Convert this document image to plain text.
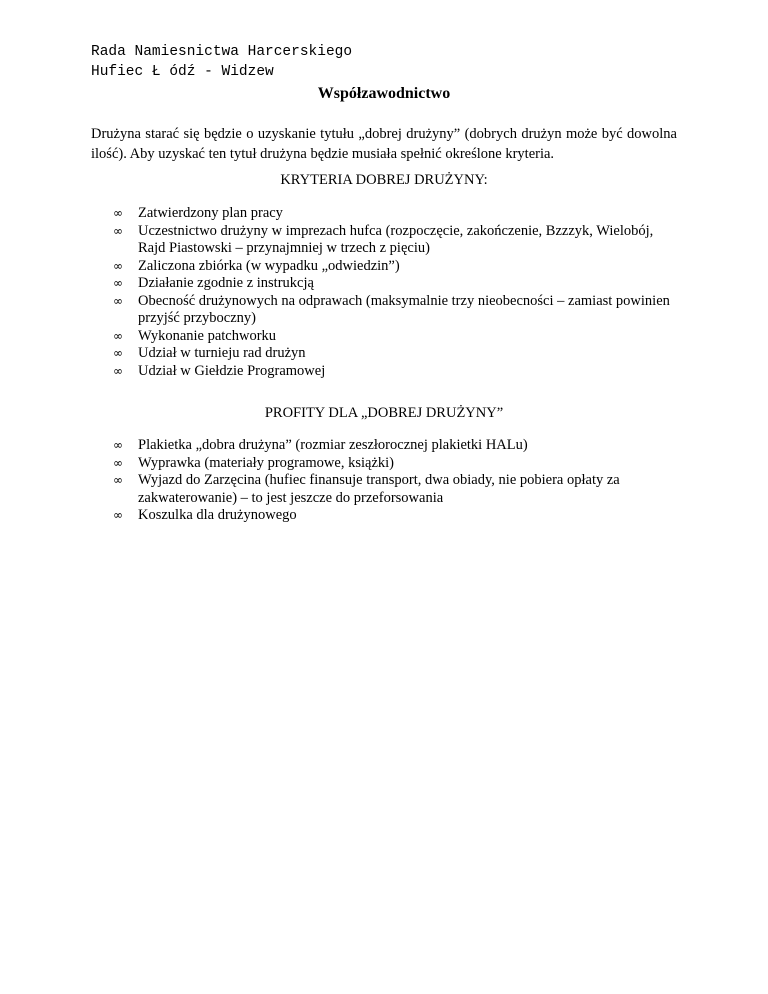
Rada Namiesnictwa Harcerskiego
Hufiec Ł ódź - Widzew
Współzawodnictwo
Drużyna starać się będzie o uzyskanie tytułu „dobrej drużyny” (dobrych drużyn może być dowolna ilość). Aby uzyskać ten tytuł drużyna będzie musiała spełnić określone kryteria.
KRYTERIA DOBREJ DRUŻYNY:
∞ Zatwierdzony plan pracy
∞ Uczestnictwo drużyny w imprezach hufca (rozpoczęcie, zakończenie, Bzzzyk, Wielobój, Rajd Piastowski – przynajmniej w trzech z pięciu)
∞ Zaliczona zbiórka (w wypadku „odwiedzin”)
∞ Działanie zgodnie z instrukcją
∞ Obecność drużynowych na odprawach (maksymalnie trzy nieobecności – zamiast powinien przyjść przyboczny)
∞ Wykonanie patchworku
∞ Udział w turnieju rad drużyn
∞ Udział w Giełdzie Programowej
PROFITY DLA „DOBREJ DRUŻYNY”
∞ Plakietka „dobra drużyna” (rozmiar zeszłorocznej plakietki HALu)
∞ Wyprawka (materiały programowe, książki)
∞ Wyjazd do Zarzęcina (hufiec finansuje transport, dwa obiady, nie pobiera opłaty za zakwaterowanie) – to jest jeszcze do przeforsowania
∞ Koszulka dla drużynowego
